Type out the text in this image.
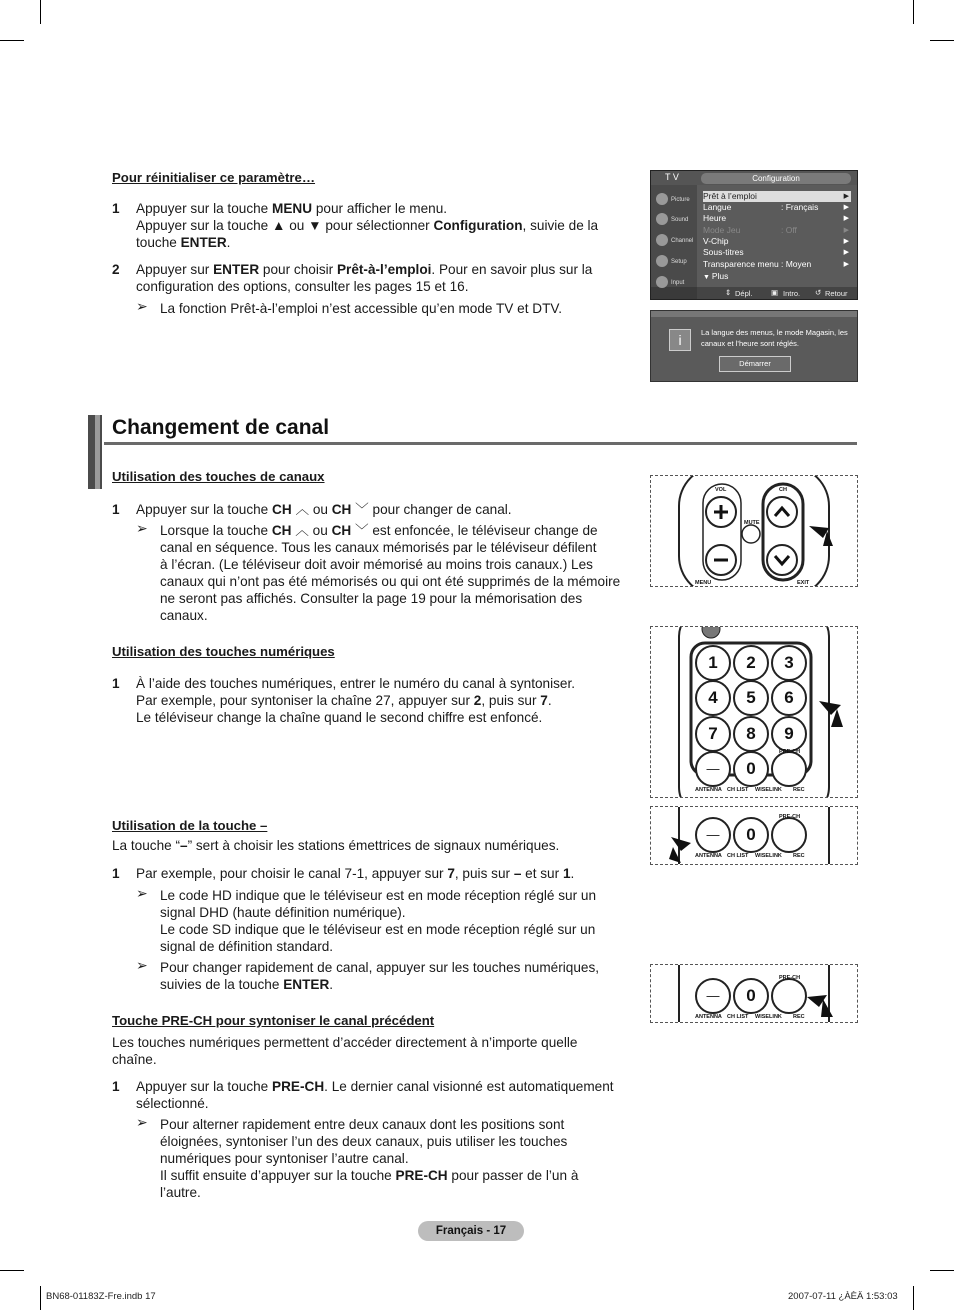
Pour réinitialiser ce paramètre…
1 Appuyer sur la touche MENU pour afficher le menu.
Appuyer sur la touche ▲ ou ▼ pour sélectionner Configuration, suivie de la
touche ENTER.
2 Appuyer sur ENTER pour choisir Prêt-à-l’emploi. Pour en savoir plus sur la
configuration des options, consulter les pages 15 et 16.
➢ La fonction Prêt-à-l’emploi n’est accessible qu’en mode TV et DTV.
T V	Configuration
Picture
Sound
Channel
Setup
Input
Prêt à l’emploi	▶
Langue	: Français	▶
Heure	▶
Mode Jeu	: Off	▶
V-Chip	▶
Sous-titres	▶
Transparence menu : Moyen	▶
▼ Plus
⇕ Dépl. ▣ Intro. ↺ Retour
i	La langue des menus, le mode Magasin, les canaux et l’heure sont réglés.
Démarrer
Changement de canal
Utilisation des touches de canaux
1 Appuyer sur la touche CH ︿ ou CH ﹀ pour changer de canal.
➢ Lorsque la touche CH ︿ ou CH ﹀ est enfoncée, le téléviseur change de
canal en séquence. Tous les canaux mémorisés par le téléviseur défilent
à l’écran. (Le téléviseur doit avoir mémorisé au moins trois canaux.) Les
canaux qui n’ont pas été mémorisés ou qui ont été supprimés de la mémoire
ne seront pas affichés. Consulter la page 19 pour la mémorisation des
canaux.
VOL	CH
MUTE
MENU	EXIT
Utilisation des touches numériques
1 À l’aide des touches numériques, entrer le numéro du canal à syntoniser.
Par exemple, pour syntoniser la chaîne 27, appuyer sur 2, puis sur 7.
Le téléviseur change la chaîne quand le second chiffre est enfoncé.
1	2	3
4	5	6
7	8	9
—	0
PRE-CH
ANTENNA CH LIST WISELINK REC
Utilisation de la touche –
La touche “–” sert à choisir les stations émettrices de signaux numériques.
1 Par exemple, pour choisir le canal 7-1, appuyer sur 7, puis sur – et sur 1.
➢ Le code HD indique que le téléviseur est en mode réception réglé sur un
signal DHD (haute définition numérique).
Le code SD indique que le téléviseur est en mode réception réglé sur un
signal de définition standard.
➢ Pour changer rapidement de canal, appuyer sur les touches numériques,
suivies de la touche ENTER.
—	0
PRE-CH
ANTENNA CH LIST WISELINK REC
—	0
PRE-CH
ANTENNA CH LIST WISELINK REC
Touche PRE-CH pour syntoniser le canal précédent
Les touches numériques permettent d’accéder directement à n’importe quelle
chaîne.
1 Appuyer sur la touche PRE-CH. Le dernier canal visionné est automatiquement
sélectionné.
➢ Pour alterner rapidement entre deux canaux dont les positions sont
éloignées, syntoniser l’un des deux canaux, puis utiliser les touches
numériques pour syntoniser l’autre canal.
Il suffit ensuite d’appuyer sur la touche PRE-CH pour passer de l’un à
l’autre.
Français - 17
BN68-01183Z-Fre.indb 17	2007-07-11 ¿ÀÈÄ 1:53:03
